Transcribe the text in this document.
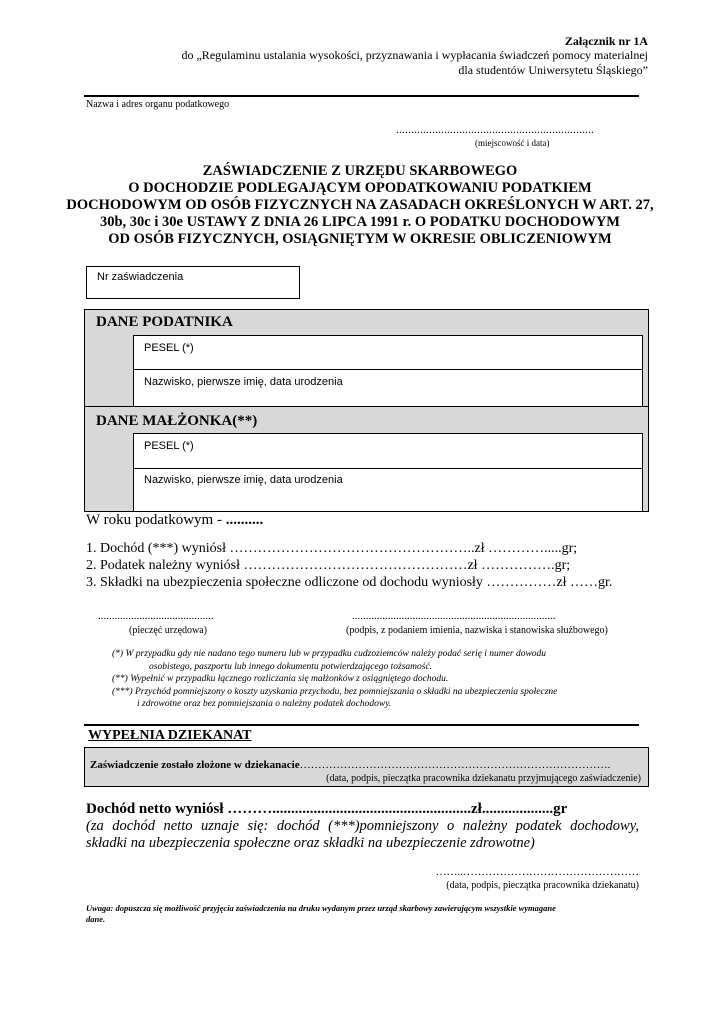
Załącznik nr 1A
do „Regulaminu ustalania wysokości, przyznawania i wypłacania świadczeń pomocy materialnej
dla studentów Uniwersytetu Śląskiego”
Nazwa i adres organu podatkowego
..................................................................
(miejscowość i data)
ZAŚWIADCZENIE Z URZĘDU SKARBOWEGO
O DOCHODZIE PODLEGAJĄCYM OPODATKOWANIU PODATKIEM
DOCHODOWYM OD OSÓB FIZYCZNYCH NA ZASADACH OKREŚLONYCH W ART. 27,
30b, 30c i 30e USTAWY Z DNIA 26 LIPCA 1991 r. O PODATKU DOCHODOWYM
OD OSÓB FIZYCZNYCH, OSIĄGNIĘTYM W OKRESIE OBLICZENIOWYM
Nr zaświadczenia
DANE PODATNIKA
PESEL (*)
Nazwisko, pierwsze imię, data urodzenia
DANE MAŁŻONKA(**)
PESEL (*)
Nazwisko, pierwsze imię, data urodzenia
W roku podatkowym - ..........
1. Dochód (***) wyniósł ……………………………………………..zł ………….....gr;
2. Podatek należny wyniósł …………………………………………zł …………….gr;
3. Składki na ubezpieczenia społeczne odliczone od dochodu wyniosły ……………zł ……gr.
..........................................
(pieczęć urzędowa)
..........................................................................
(podpis, z podaniem imienia, nazwiska i stanowiska służbowego)
(*) W przypadku gdy nie nadano tego numeru lub w przypadku cudzoziemców należy podać serię i numer dowodu
osobistego, paszportu lub innego dokumentu potwierdzającego tożsamość.
(**) Wypełnić w przypadku łącznego rozliczania się małżonków z osiągniętego dochodu.
(***) Przychód pomniejszony o koszty uzyskania przychodu, bez pomniejszania o składki na ubezpieczenia społeczne
i zdrowotne oraz bez pomniejszania o należny podatek dochodowy.
WYPEŁNIA DZIEKANAT
Zaświadczenie zostało złożone w dziekanacie………………………………………………………………………….
(data, podpis, pieczątka pracownika dziekanatu przyjmującego zaświadczenie)
Dochód netto wyniósł ……….....................................................zł...................gr
(za dochód netto uznaje się: dochód (***)pomniejszony o należny podatek dochodowy,
składki na ubezpieczenia społeczne oraz składki na ubezpieczenie zdrowotne)
……..…………………………………………
(data, podpis, pieczątka pracownika dziekanatu)
Uwaga: dopuszcza się możliwość przyjęcia zaświadczenia na druku wydanym przez urząd skarbowy zawierającym wszystkie wymagane
dane.
